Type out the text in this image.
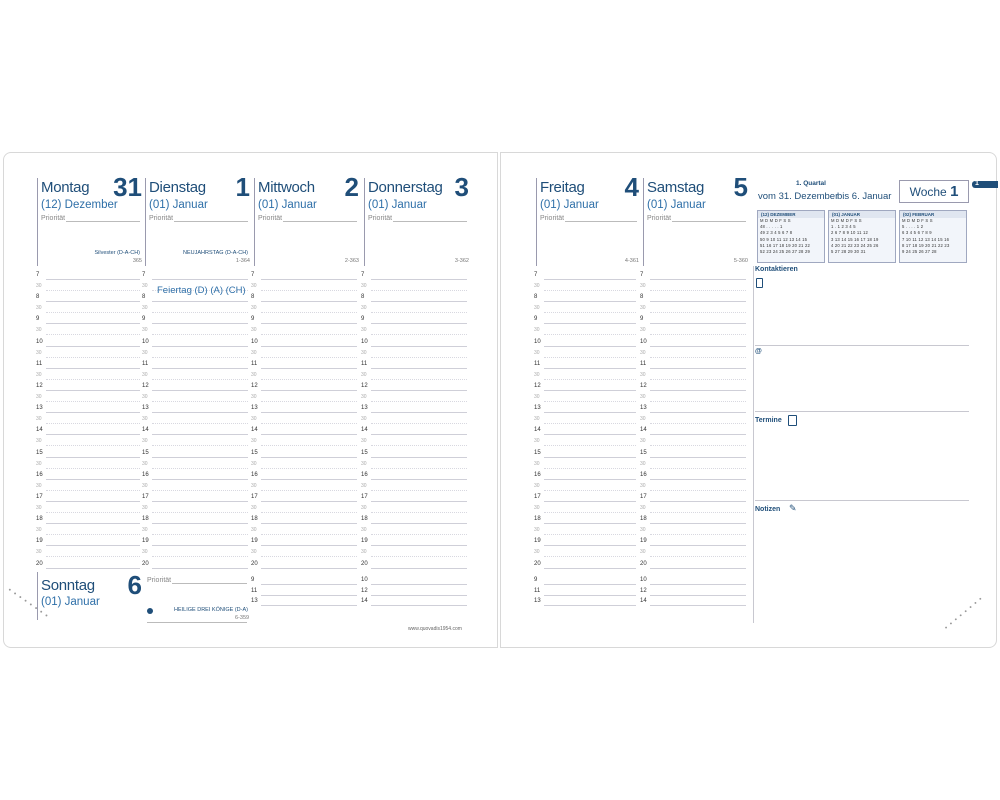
Montag 31
(12) Dezember
Priorität
Silvester (D-A-CH)
365
Dienstag 1
(01) Januar
Priorität
NEUJAHRSTAG (D-A-CH)
1-364
Mittwoch 2
(01) Januar
Priorität
2-363
Donnerstag 3
(01) Januar
Priorität
3-362
Freitag 4
(01) Januar
Priorität
4-361
Samstag 5
(01) Januar
Priorität
5-360
7
30
8
30
9
30
10
30
11
30
12
30
13
30
14
30
15
30
16
30
17
30
18
30
19
30
20
7
30
8
30
9
30
10
30
11
30
12
30
13
30
14
30
15
30
16
30
17
30
18
30
19
30
20
7
30
8
30
9
30
10
30
11
30
12
30
13
30
14
30
15
30
16
30
17
30
18
30
19
30
20
7
30
8
30
9
30
10
30
11
30
12
30
13
30
14
30
15
30
16
30
17
30
18
30
19
30
20
7
30
8
30
9
30
10
30
11
30
12
30
13
30
14
30
15
30
16
30
17
30
18
30
19
30
20
7
30
8
30
9
30
10
30
11
30
12
30
13
30
14
30
15
30
16
30
17
30
18
30
19
30
20
Feiertag (D) (A) (CH)
Sonntag 6
(01) Januar
Priorität
HEILIGE DREI KÖNIGE (D-A)
6-359
9
11
13
10
12
14
www.quovadis1954.com
9
11
13
10
12
14
1. Quartal
vom 31. Dezember
bis 6. Januar	Woche 1	1
(12) DEZEMBER
M D M D F S S
48 . . . . . 1
49 2 3 4 5 6 7 8
50 9 10 11 12 13 14 15
51 16 17 18 19 20 21 22
52 23 24 25 26 27 28 29
(01) JANUAR
M D M D F S S
1 . 1 2 3 4 5
2 6 7 8 9 10 11 12
3 13 14 15 16 17 18 19
4 20 21 22 23 24 25 26
5 27 28 29 30 31
(02) FEBRUAR
M D M D F S S
5 . . . . 1 2
6 3 4 5 6 7 8 9
7 10 11 12 13 14 15 16
8 17 18 19 20 21 22 23
9 24 25 26 27 28
Kontaktieren
@
Termine
Notizen ✎
• • • • • • • •	• • • • • • • •
